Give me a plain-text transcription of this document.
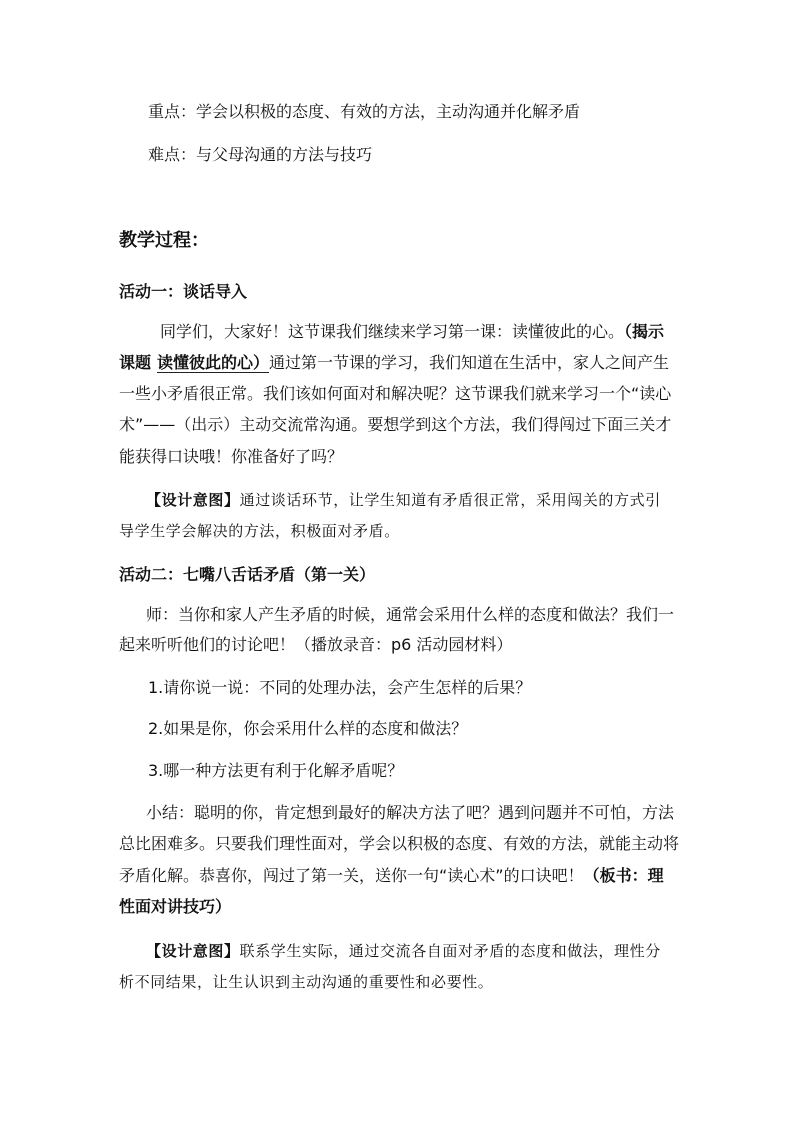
重点：学会以积极的态度、有效的方法，主动沟通并化解矛盾
难点：与父母沟通的方法与技巧
教学过程：
活动一：谈话导入
同学们，大家好！这节课我们继续来学习第一课：读懂彼此的心。（揭示
课题 读懂彼此的心）通过第一节课的学习，我们知道在生活中，家人之间产生
一些小矛盾很正常。我们该如何面对和解决呢？这节课我们就来学习一个“读心
术”——（出示）主动交流常沟通。要想学到这个方法，我们得闯过下面三关才
能获得口诀哦！你准备好了吗？
【设计意图】通过谈话环节，让学生知道有矛盾很正常，采用闯关的方式引
导学生学会解决的方法，积极面对矛盾。
活动二：七嘴八舌话矛盾（第一关）
师：当你和家人产生矛盾的时候，通常会采用什么样的态度和做法？我们一
起来听听他们的讨论吧！（播放录音：p6 活动园材料）
1.请你说一说：不同的处理办法，会产生怎样的后果？
2.如果是你，你会采用什么样的态度和做法？
3.哪一种方法更有利于化解矛盾呢？
小结：聪明的你，肯定想到最好的解决方法了吧？遇到问题并不可怕，方法
总比困难多。只要我们理性面对，学会以积极的态度、有效的方法，就能主动将
矛盾化解。恭喜你，闯过了第一关，送你一句“读心术”的口诀吧！（板书：理
性面对讲技巧）
【设计意图】联系学生实际，通过交流各自面对矛盾的态度和做法，理性分
析不同结果，让生认识到主动沟通的重要性和必要性。
